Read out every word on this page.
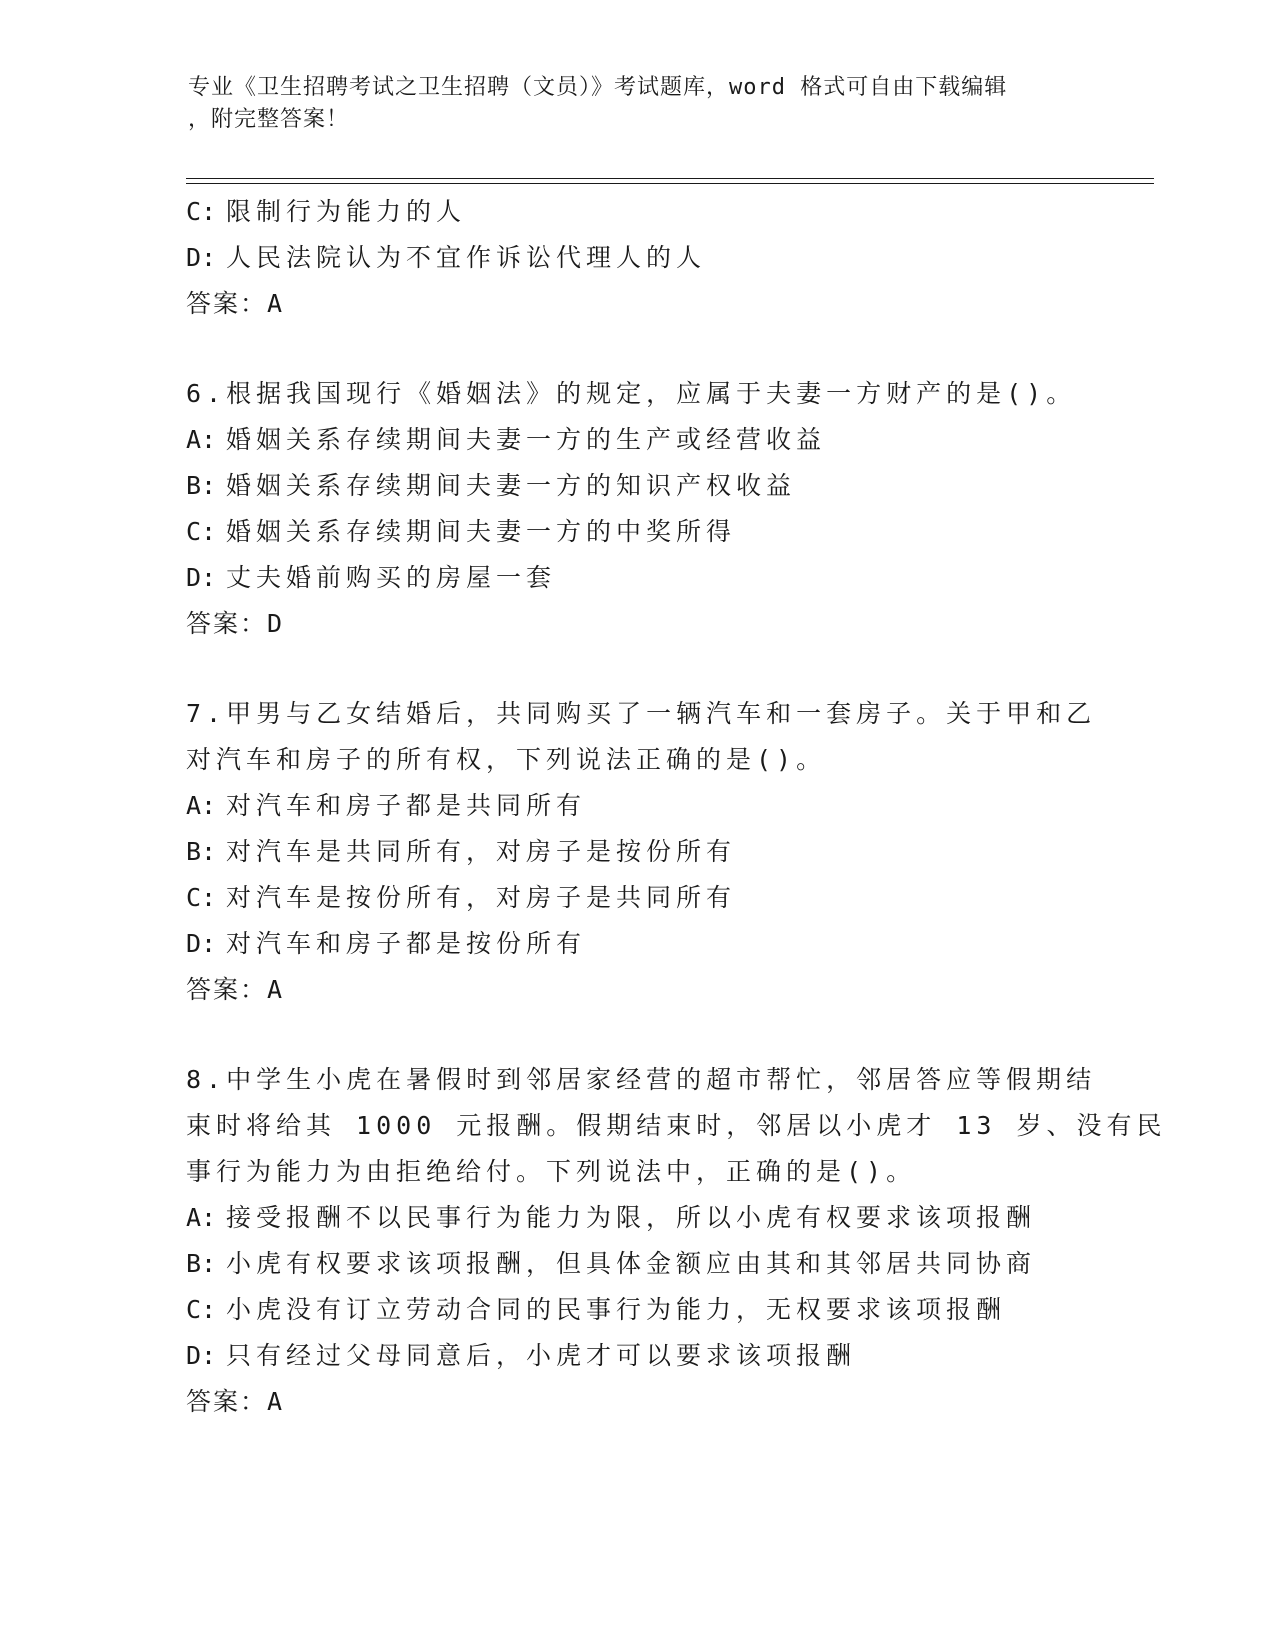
专业《卫生招聘考试之卫生招聘（文员）》考试题库，word 格式可自由下载编辑
，附完整答案！
C: 限制行为能力的人
D: 人民法院认为不宜作诉讼代理人的人
答案：A
6.根据我国现行《婚姻法》的规定，应属于夫妻一方财产的是()。
A: 婚姻关系存续期间夫妻一方的生产或经营收益
B: 婚姻关系存续期间夫妻一方的知识产权收益
C: 婚姻关系存续期间夫妻一方的中奖所得
D: 丈夫婚前购买的房屋一套
答案：D
7.甲男与乙女结婚后，共同购买了一辆汽车和一套房子。关于甲和乙
对汽车和房子的所有权，下列说法正确的是()。
A: 对汽车和房子都是共同所有
B: 对汽车是共同所有，对房子是按份所有
C: 对汽车是按份所有，对房子是共同所有
D: 对汽车和房子都是按份所有
答案：A
8.中学生小虎在暑假时到邻居家经营的超市帮忙，邻居答应等假期结
束时将给其 1000 元报酬。假期结束时，邻居以小虎才 13 岁、没有民
事行为能力为由拒绝给付。下列说法中，正确的是()。
A: 接受报酬不以民事行为能力为限，所以小虎有权要求该项报酬
B: 小虎有权要求该项报酬，但具体金额应由其和其邻居共同协商
C: 小虎没有订立劳动合同的民事行为能力，无权要求该项报酬
D: 只有经过父母同意后，小虎才可以要求该项报酬
答案：A
